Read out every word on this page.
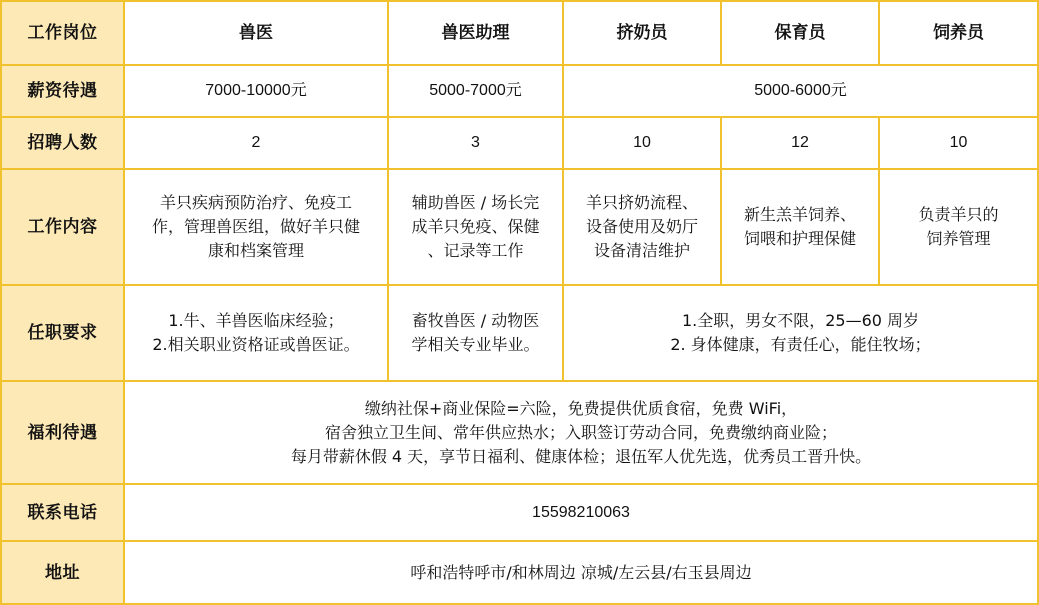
工作岗位	兽医	兽医助理	挤奶员	保育员	饲养员
薪资待遇	7000-10000元	5000-7000元	5000-6000元		
招聘人数	2	3	10	12	10
工作内容	羊只疾病预防治疗、免疫工
作，管理兽医组，做好羊只健
康和档案管理	辅助兽医 / 场长完
成羊只免疫、保健
、记录等工作	羊只挤奶流程、
设备使用及奶厅
设备清洁维护	新生羔羊饲养、
饲喂和护理保健	负责羊只的
饲养管理

任职要求	1.牛、羊兽医临床经验；
2.相关职业资格证或兽医证。	畜牧兽医 / 动物医
学相关专业毕业。	1.全职，男女不限，25—60 周岁
2. 身体健康，有责任心，能住牧场；		

福利待遇	缴纳社保+商业保险=六险，免费提供优质食宿，免费 WiFi，
宿舍独立卫生间、常年供应热水；入职签订劳动合同，免费缴纳商业险；
每月带薪休假 4 天，享节日福利、健康体检；退伍军人优先选，优秀员工晋升快。				

联系电话	15598210063				
地址	呼和浩特呼市/和林周边 凉城/左云县/右玉县周边				
